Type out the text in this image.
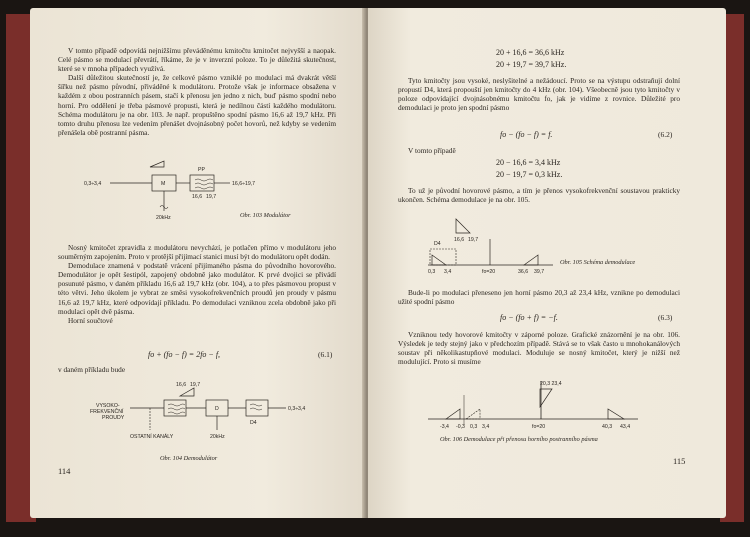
V tomto případě odpovídá nejnižšímu převáděnému kmitočtu kmitočet nejvyšší a naopak. Celé pásmo se modulací převrátí, říkáme, že je v inverzní poloze. To je důležitá skutečnost, které se v mnoha případech využívá.

Další důležitou skutečností je, že celkové pásmo vzniklé po modulaci má dvakrát větší šířku než pásmo původní, přiváděné k modulátoru. Protože však je informace obsažena v každém z obou postranních pásem, stačí k přenosu jen jedno z nich, buď pásmo spodní nebo horní. Pro oddělení je třeba pásmové propusti, která je nedílnou částí každého modulátoru. Schéma modulátoru je na obr. 103. Je např. propuštěno spodní pásmo 16,6 až 19,7 kHz. Při tomto druhu přenosu lze vedením přenášet dvojnásobný počet hovorů, než kdyby se vedením přenášela obě postranní pásma.

0,3÷3,4	M
PP
16,6÷19,7
16,6 19,7
20kHz	Obr. 103 Modulátor

Nosný kmitočet zpravidla z modulátoru nevychází, je potlačen přímo v modulátoru jeho souměrným zapojením. Proto v protější přijímací stanici musí být do modulátoru opět dodán.

Demodulace znamená v podstatě vrácení přijímaného pásma do původního hovorového. Demodulátor je opět šestipól, zapojený obdobně jako modulátor. K prvé dvojici se přivádí posunuté pásmo, v daném příkladu 16,6 až 19,7 kHz (obr. 104), a to přes pásmovou propust v této větvi. Jeho úkolem je vybrat ze směsi vysokofrekvenčních proudů jen proudy v pásmu 16,6 až 19,7 kHz, které odpovídají příkladu. Po demodulaci vzniknou zcela obdobně jako při modulaci opět dvě pásma.

Horní součtové

fo + (fo − f) = 2fo − f,	(6.1)

v daném příkladu bude

16,6 19,7
VYSOKO-
FREKVENČNÍ
PROUDY
D
D4
0,3÷3,4
OSTATNÍ KANÁLY	20kHz
Obr. 104 Demodulátor
114
20 + 16,6 = 36,6 kHz
20 + 19,7 = 39,7 kHz.

Tyto kmitočty jsou vysoké, neslyšitelné a nežádoucí. Proto se na výstupu odstraňují dolní propustí D4, která propouští jen kmitočty do 4 kHz (obr. 104). Všeobecně jsou tyto kmitočty v poloze odpovídající dvojnásobnému kmitočtu fo, jak je vidíme z rovnice. Důležité pro demodulaci je proto jen spodní pásmo

fo − (fo − f) = f.	(6.2)

V tomto případě

20 − 16,6 = 3,4 kHz
20 − 19,7 = 0,3 kHz.

To už je původní hovorové pásmo, a tím je přenos vysokofrekvenční soustavou prakticky ukončen. Schéma demodulace je na obr. 105.

16,6 19,7
D4
0,3 3,4	fo=20	36,6 39,7
Obr. 105 Schéma demodulace

Bude-li po modulaci přeneseno jen horní pásmo 20,3 až 23,4 kHz, vznikne po demodulaci užité spodní pásmo

fo − (fo + f) = −f.	(6.3)

Vzniknou tedy hovorové kmitočty v záporné poloze. Grafické znázornění je na obr. 106. Výsledek je tedy stejný jako v předchozím případě. Stává se to však často u mnohokanálových soustav při několikastupňové modulaci. Moduluje se nosný kmitočet, který je nižší než modulující. Proto si musíme

20,3 23,4
-3,4 -0,3 0,3 3,4	fo=20	40,3 43,4
Obr. 106 Demodulace při přenosu horního postranního pásma
115
